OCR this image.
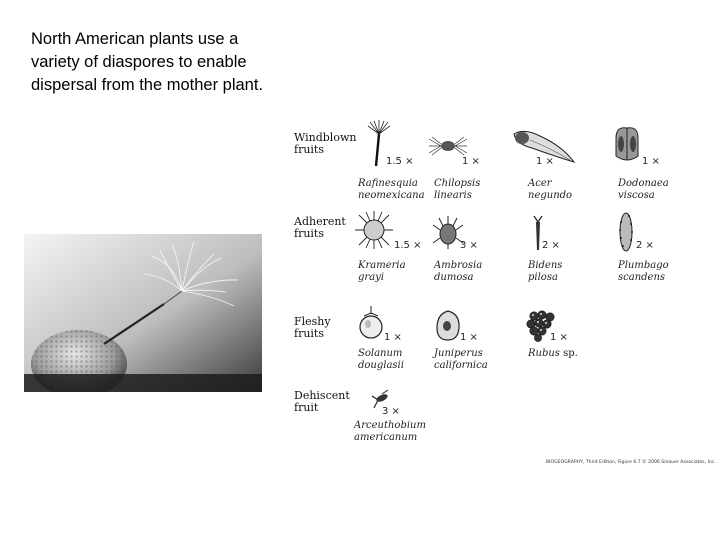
North American plants use a variety of diaspores to enable dispersal from the mother plant.
Windblown
fruits
Adherent
fruits
Fleshy
fruits
Dehiscent
fruit
1.5 ×
Rafinesquia
neomexicana
1 ×
Chilopsis
linearis
1 ×
Acer
negundo
1 ×
Dodonaea
viscosa
1.5 ×
Krameria
grayi
3 ×
Ambrosia
dumosa
2 ×
Bidens
pilosa
2 ×
Plumbago
scandens
1 ×
Solanum
douglasii
1 ×
Juniperus
californica
1 ×
Rubus sp.
3 ×
Arceuthobium
americanum
BIOGEOGRAPHY, Third Edition, Figure 6.7 © 2006 Sinauer Associates, Inc.
